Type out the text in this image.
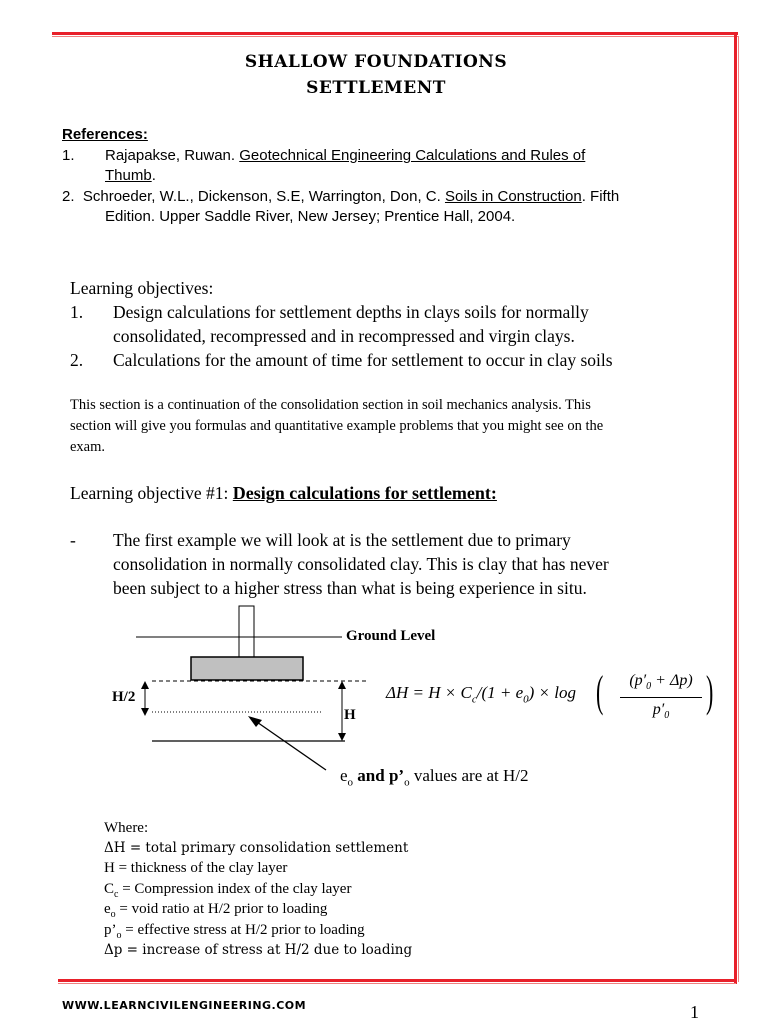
SHALLOW FOUNDATIONS
SETTLEMENT
References:
1. Rajapakse, Ruwan. Geotechnical Engineering Calculations and Rules of
Thumb.
2. Schroeder, W.L., Dickenson, S.E, Warrington, Don, C. Soils in Construction. Fifth
Edition. Upper Saddle River, New Jersey; Prentice Hall, 2004.
Learning objectives:
1. Design calculations for settlement depths in clays soils for normally
consolidated, recompressed and in recompressed and virgin clays.
2. Calculations for the amount of time for settlement to occur in clay soils
This section is a continuation of the consolidation section in soil mechanics analysis. This
section will give you formulas and quantitative example problems that you might see on the
exam.
Learning objective #1: Design calculations for settlement:
- The first example we will look at is the settlement due to primary
consolidation in normally consolidated clay. This is clay that has never
been subject to a higher stress than what is being experience in situ.
Ground Level
H/2
H
$e_o$ and $p’_o$ values are at H/2
$\Delta H = H \times C_c/(1 + e_0) \times \log$ (	$(p'_0 + \Delta p)$
$p'_0$ )
Where:
ΔH = total primary consolidation settlement
H = thickness of the clay layer
$C_c$ = Compression index of the clay layer
$e_o$ = void ratio at H/2 prior to loading
$p’_o$ = effective stress at H/2 prior to loading
Δp = increase of stress at H/2 due to loading
WWW.LEARNCIVILENGINEERING.COM	1
